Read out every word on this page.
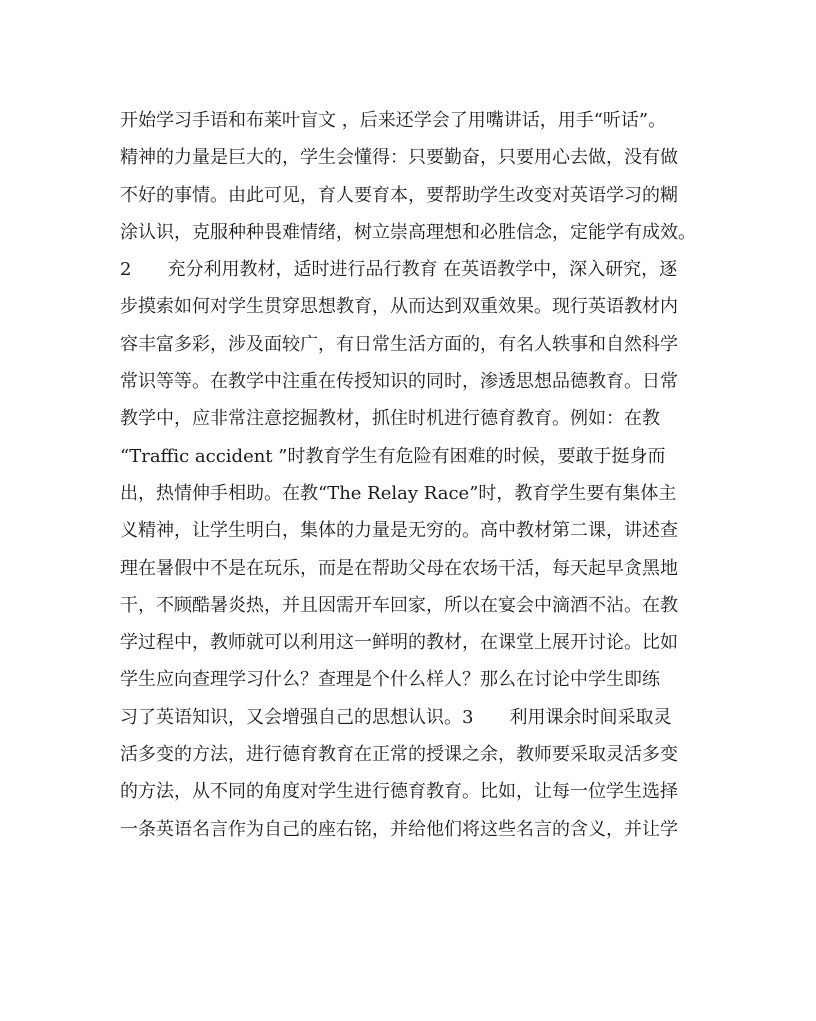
开始学习手语和布莱叶盲文 ，后来还学会了用嘴讲话，用手“听话”。
精神的力量是巨大的，学生会懂得：只要勤奋，只要用心去做，没有做
不好的事情。由此可见，育人要育本，要帮助学生改变对英语学习的糊
涂认识，克服种种畏难情绪，树立崇高理想和必胜信念，定能学有成效。
2　　充分利用教材，适时进行品行教育 在英语教学中，深入研究，逐
步摸索如何对学生贯穿思想教育，从而达到双重效果。现行英语教材内
容丰富多彩，涉及面较广，有日常生活方面的，有名人轶事和自然科学
常识等等。在教学中注重在传授知识的同时，渗透思想品德教育。日常
教学中，应非常注意挖掘教材，抓住时机进行德育教育。例如：在教
“Traffic accident ”时教育学生有危险有困难的时候，要敢于挺身而
出，热情伸手相助。在教“The Relay Race”时，教育学生要有集体主
义精神，让学生明白，集体的力量是无穷的。高中教材第二课，讲述查
理在暑假中不是在玩乐，而是在帮助父母在农场干活，每天起早贪黑地
干，不顾酷暑炎热，并且因需开车回家，所以在宴会中滴酒不沾。在教
学过程中，教师就可以利用这一鲜明的教材，在课堂上展开讨论。比如
学生应向查理学习什么？查理是个什么样人？那么在讨论中学生即练
习了英语知识，又会增强自己的思想认识。3　　利用课余时间采取灵
活多变的方法，进行德育教育在正常的授课之余，教师要采取灵活多变
的方法，从不同的角度对学生进行德育教育。比如，让每一位学生选择
一条英语名言作为自己的座右铭，并给他们将这些名言的含义，并让学
